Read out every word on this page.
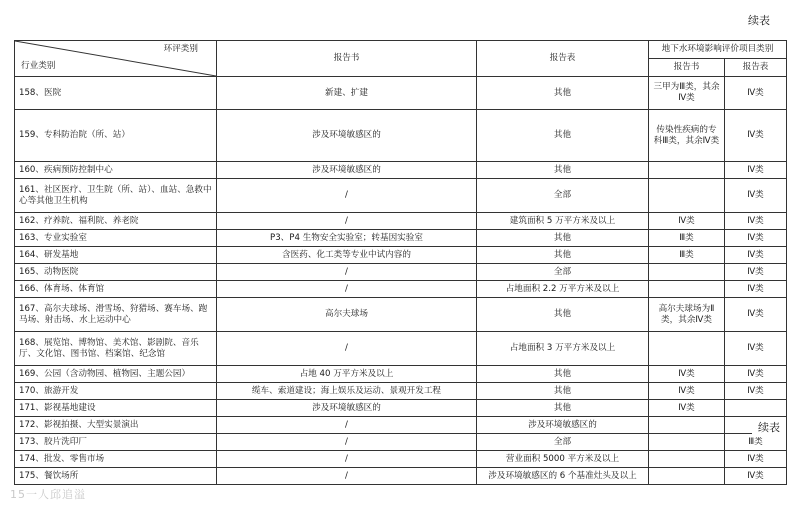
续表
环评类别
行业类别	报告书	报告表	地下水环境影响评价项目类别	
			报告书	报告表
158、医院	新建、扩建	其他	三甲为Ⅲ类，其余Ⅳ类	Ⅳ类
159、专科防治院（所、站）	涉及环境敏感区的	其他	传染性疾病的专科Ⅲ类，其余Ⅳ类	Ⅳ类
160、疾病预防控制中心	涉及环境敏感区的	其他		Ⅳ类
161、社区医疗、卫生院（所、站）、血站、急救中心等其他卫生机构	/	全部		Ⅳ类
162、疗养院、福利院、养老院	/	建筑面积 5 万平方米及以上	Ⅳ类	Ⅳ类
163、专业实验室	P3、P4 生物安全实验室；转基因实验室	其他	Ⅲ类	Ⅳ类
164、研发基地	含医药、化工类等专业中试内容的	其他	Ⅲ类	Ⅳ类
165、动物医院	/	全部		Ⅳ类
166、体育场、体育馆	/	占地面积 2.2 万平方米及以上		Ⅳ类
167、高尔夫球场、滑雪场、狩猎场、赛车场、跑马场、射击场、水上运动中心	高尔夫球场	其他	高尔夫球场为Ⅱ类，其余Ⅳ类	Ⅳ类
168、展览馆、博物馆、美术馆、影剧院、音乐厅、文化馆、图书馆、档案馆、纪念馆	/	占地面积 3 万平方米及以上		Ⅳ类
169、公园（含动物园、植物园、主题公园）	占地 40 万平方米及以上	其他	Ⅳ类	Ⅳ类
170、旅游开发	缆车、索道建设；海上娱乐及运动、景观开发工程	其他	Ⅳ类	Ⅳ类
171、影视基地建设	涉及环境敏感区的	其他	Ⅳ类	
172、影视拍摄、大型实景演出	/	涉及环境敏感区的		
173、胶片洗印厂	/	全部		Ⅲ类
174、批发、零售市场	/	营业面积 5000 平方米及以上		Ⅳ类
175、餐饮场所	/	涉及环境敏感区的 6 个基准灶头及以上		Ⅳ类
续表
15一人邱追溢
